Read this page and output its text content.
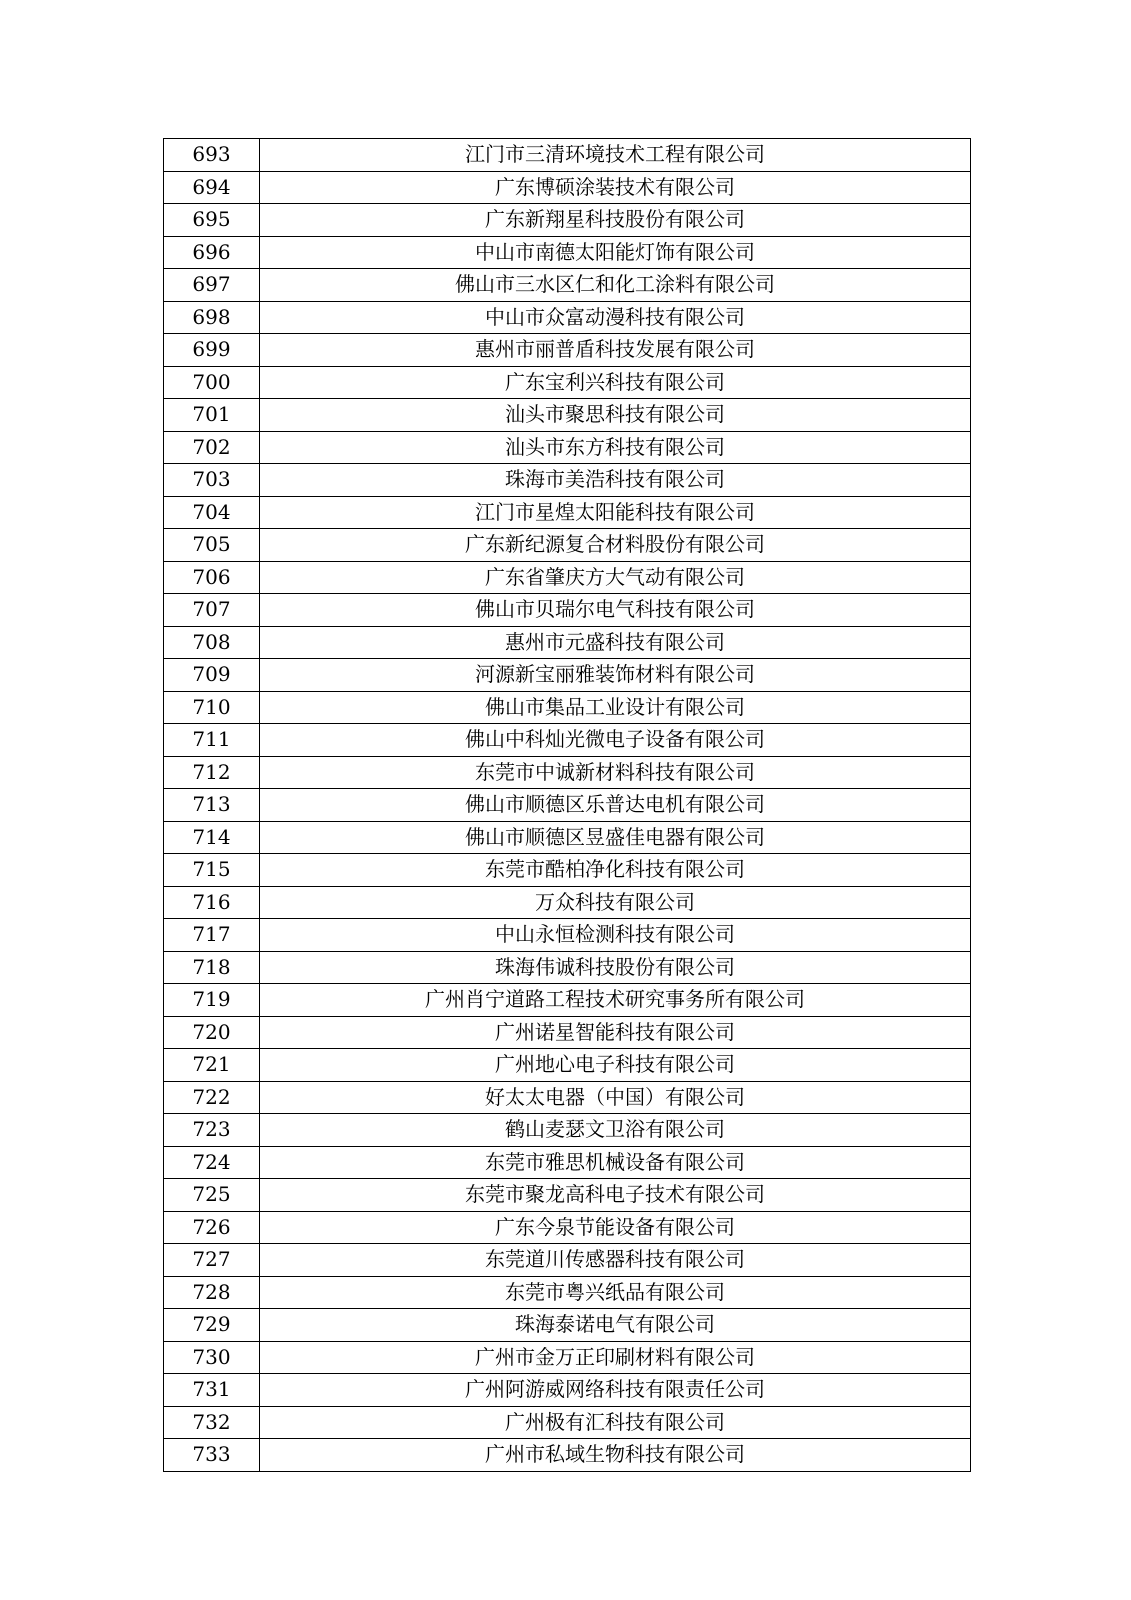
693	江门市三清环境技术工程有限公司
694	广东博硕涂装技术有限公司
695	广东新翔星科技股份有限公司
696	中山市南德太阳能灯饰有限公司
697	佛山市三水区仁和化工涂料有限公司
698	中山市众富动漫科技有限公司
699	惠州市丽普盾科技发展有限公司
700	广东宝利兴科技有限公司
701	汕头市聚思科技有限公司
702	汕头市东方科技有限公司
703	珠海市美浩科技有限公司
704	江门市星煌太阳能科技有限公司
705	广东新纪源复合材料股份有限公司
706	广东省肇庆方大气动有限公司
707	佛山市贝瑞尔电气科技有限公司
708	惠州市元盛科技有限公司
709	河源新宝丽雅装饰材料有限公司
710	佛山市集品工业设计有限公司
711	佛山中科灿光微电子设备有限公司
712	东莞市中诚新材料科技有限公司
713	佛山市顺德区乐普达电机有限公司
714	佛山市顺德区昱盛佳电器有限公司
715	东莞市酷柏净化科技有限公司
716	万众科技有限公司
717	中山永恒检测科技有限公司
718	珠海伟诚科技股份有限公司
719	广州肖宁道路工程技术研究事务所有限公司
720	广州诺星智能科技有限公司
721	广州地心电子科技有限公司
722	好太太电器（中国）有限公司
723	鹤山麦瑟文卫浴有限公司
724	东莞市雅思机械设备有限公司
725	东莞市聚龙高科电子技术有限公司
726	广东今泉节能设备有限公司
727	东莞道川传感器科技有限公司
728	东莞市粤兴纸品有限公司
729	珠海泰诺电气有限公司
730	广州市金万正印刷材料有限公司
731	广州阿游威网络科技有限责任公司
732	广州极有汇科技有限公司
733	广州市私域生物科技有限公司
